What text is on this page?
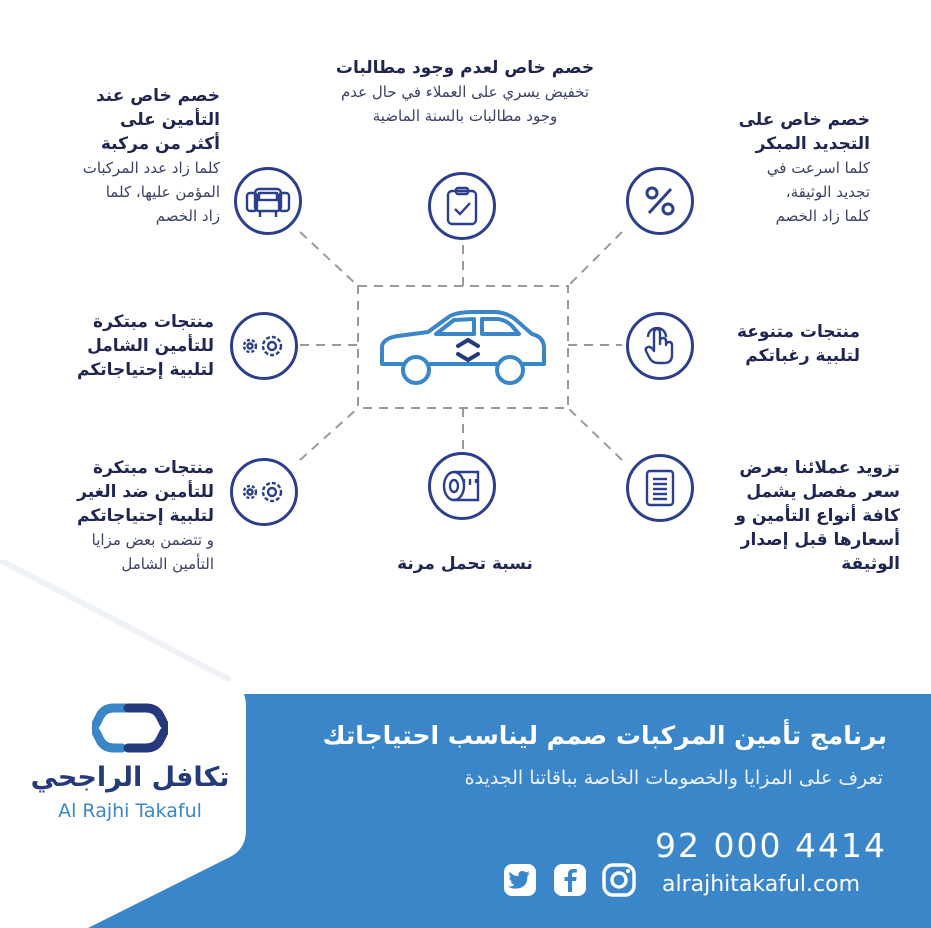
خصم خاص لعدم وجود مطالبات
تخفيض يسري على العملاء في حال عدم
وجود مطالبات بالسنة الماضية
خصم خاص عند
التأمين على
أكثر من مركبة
كلما زاد عدد المركبات
المؤمن عليها، كلما
زاد الخصم
خصم خاص على
التجديد المبكر
كلما اسرعت في
تجديد الوثيقة،
كلما زاد الخصم
منتجات مبتكرة
للتأمين الشامل
لتلبية إحتياجاتكم
منتجات متنوعة
لتلبية رغباتكم
منتجات مبتكرة
للتأمين ضد الغير
لتلبية إحتياجاتكم
و تتضمن بعض مزايا
التأمين الشامل	نسبة تحمل مرنة
تزويد عملائنا بعرض
سعر مفصل يشمل
كافة أنواع التأمين و
أسعارها قبل إصدار
الوثيقة
تكافل الراجحي
Al Rajhi Takaful
برنامج تأمين المركبات صمم ليناسب احتياجاتك
تعرف على المزايا والخصومات الخاصة بباقاتنا الجديدة
92 000 4414
alrajhitakaful.com
